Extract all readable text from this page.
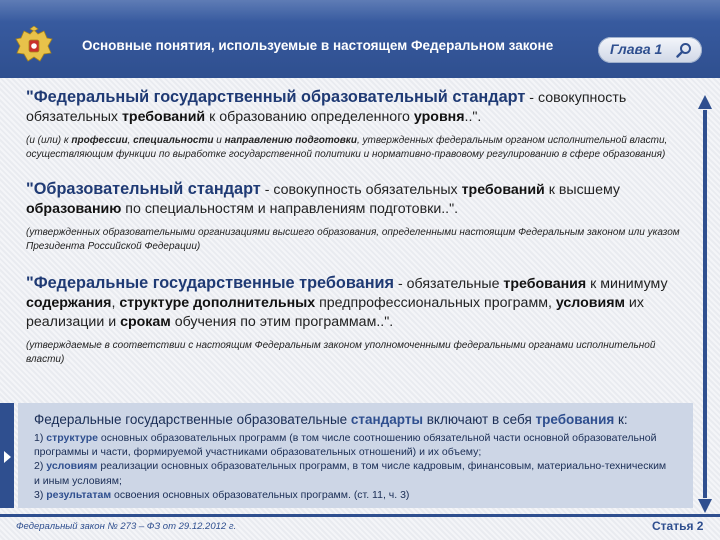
Основные понятия, используемые в настоящем Федеральном законе	Глава 1
"Федеральный государственный образовательный стандарт - совокупность обязательных требований к образованию определенного уровня..".
(и (или) к профессии, специальности и направлению подготовки, утвержденных федеральным органом исполнительной власти, осуществляющим функции по выработке государственной политики и нормативно-правовому регулированию в сфере образования)
"Образовательный стандарт - совокупность обязательных требований к высшему образованию по специальностям и направлениям подготовки..".
(утвержденных образовательными организациями высшего образования, определенными настоящим Федеральным законом или указом Президента Российской Федерации)
"Федеральные государственные требования - обязательные требования к минимуму содержания, структуре дополнительных предпрофессиональных программ, условиям их реализации и срокам обучения по этим программам..".
(утверждаемые в соответствии с настоящим Федеральным законом уполномоченными федеральными органами исполнительной власти)
Федеральные государственные образовательные стандарты включают в себя требования к:
1) структуре основных образовательных программ (в том числе соотношению обязательной части основной образовательной программы и части, формируемой участниками образовательных отношений) и их объему;
2) условиям реализации основных образовательных программ, в том числе кадровым, финансовым, материально-техническим и иным условиям;
3) результатам освоения основных образовательных программ. (ст. 11, ч. 3)
Федеральный закон № 273 – ФЗ от 29.12.2012 г.	Статья 2
